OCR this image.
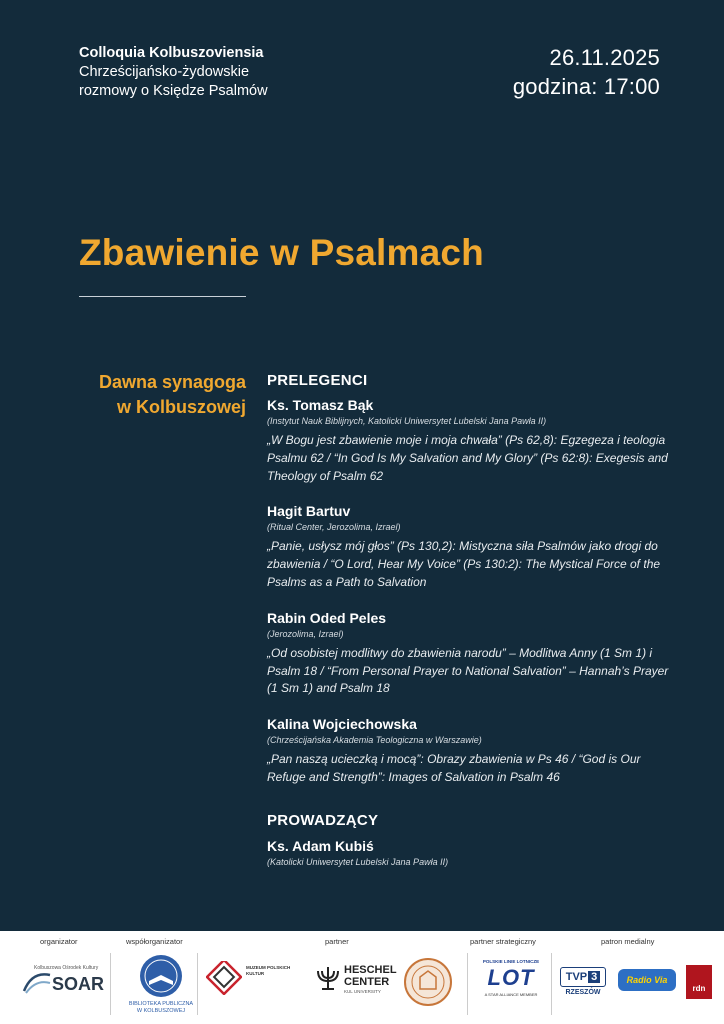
Colloquia Kolbuszoviensia
Chrześcijańsko-żydowskie
rozmowy o Księdze Psalmów
26.11.2025
godzina: 17:00
Zbawienie w Psalmach
Dawna synagoga
w Kolbuszowej
PRELEGENCI
Ks. Tomasz Bąk
(Instytut Nauk Biblijnych, Katolicki Uniwersytet Lubelski Jana Pawła II)
„W Bogu jest zbawienie moje i moja chwała” (Ps 62,8): Egzegeza i teologia Psalmu 62 / “In God Is My Salvation and My Glory” (Ps 62:8): Exegesis and Theology of Psalm 62
Hagit Bartuv
(Ritual Center, Jerozolima, Izrael)
„Panie, usłysz mój głos” (Ps 130,2): Mistyczna siła Psalmów jako drogi do zbawienia / “O Lord, Hear My Voice” (Ps 130:2): The Mystical Force of the Psalms as a Path to Salvation
Rabin Oded Peles
(Jerozolima, Izrael)
„Od osobistej modlitwy do zbawienia narodu” – Modlitwa Anny (1 Sm 1) i Psalm 18 / “From Personal Prayer to National Salvation” – Hannah’s Prayer (1 Sm 1) and Psalm 18
Kalina Wojciechowska
(Chrześcijańska Akademia Teologiczna w Warszawie)
„Pan naszą ucieczką i mocą”: Obrazy zbawienia w Ps 46 / “God is Our Refuge and Strength”: Images of Salvation in Psalm 46
PROWADZĄCY
Ks. Adam Kubiś
(Katolicki Uniwersytet Lubelski Jana Pawła II)
organizator	współorganizator	partner	partner strategiczny	patron medialny
Kolbuszowa Ośrodek Kultury
SOAR
BIBLIOTEKA PUBLICZNA W KOLBUSZOWEJ
MUZEUM POLSKICH KULTUR	HESCHEL
CENTER
KUL UNIVERSITY
POLSKIE LINIE LOTNICZE
LOT
A STAR ALLIANCE MEMBER
TVP 3
RZESZÓW
Radio Via
rdn
